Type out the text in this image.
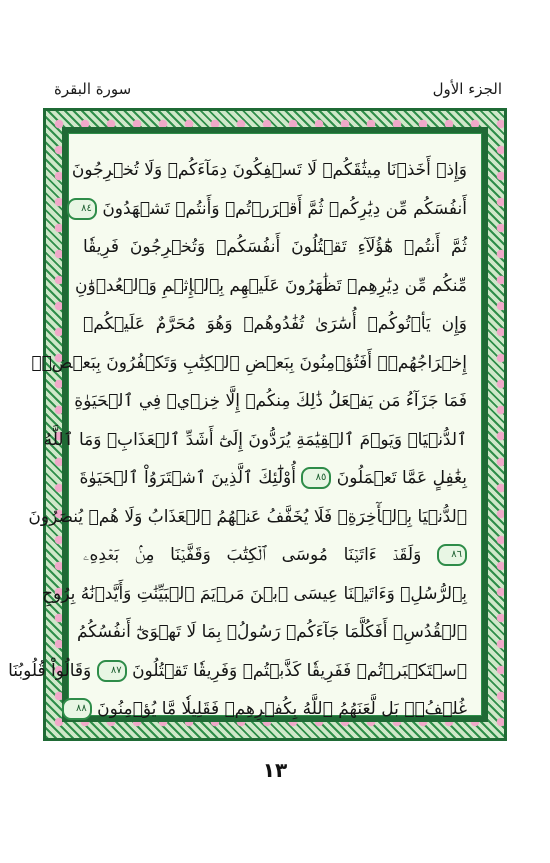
الجزء الأول
سورة البقرة
وَإِذۡ أَخَذۡنَا مِيثَٰقَكُمۡ لَا تَسۡفِكُونَ دِمَآءَكُمۡ وَلَا تُخۡرِجُونَ
أَنفُسَكُم مِّن دِيَٰرِكُمۡ ثُمَّ أَقۡرَرۡتُمۡ وَأَنتُمۡ تَشۡهَدُونَ ٨٤
ثُمَّ أَنتُمۡ هَٰٓؤُلَآءِ تَقۡتُلُونَ أَنفُسَكُمۡ وَتُخۡرِجُونَ فَرِيقٗا
مِّنكُم مِّن دِيَٰرِهِمۡ تَظَٰهَرُونَ عَلَيۡهِم بِٱلۡإِثۡمِ وَٱلۡعُدۡوَٰنِ
وَإِن يَأۡتُوكُمۡ أُسَٰرَىٰ تُفَٰدُوهُمۡ وَهُوَ مُحَرَّمٌ عَلَيۡكُمۡ
إِخۡرَاجُهُمۡۚ أَفَتُؤۡمِنُونَ بِبَعۡضِ ٱلۡكِتَٰبِ وَتَكۡفُرُونَ بِبَعۡضٖۚ
فَمَا جَزَآءُ مَن يَفۡعَلُ ذَٰلِكَ مِنكُمۡ إِلَّا خِزۡيٞ فِي ٱلۡحَيَوٰةِ
ٱلدُّنۡيَاۖ وَيَوۡمَ ٱلۡقِيَٰمَةِ يُرَدُّونَ إِلَىٰٓ أَشَدِّ ٱلۡعَذَابِۗ وَمَا ٱللَّهُ
بِغَٰفِلٍ عَمَّا تَعۡمَلُونَ ٨٥ أُوْلَٰٓئِكَ ٱلَّذِينَ ٱشۡتَرَوُاْ ٱلۡحَيَوٰةَ
ٱلدُّنۡيَا بِٱلۡأٓخِرَةِۖ فَلَا يُخَفَّفُ عَنۡهُمُ ٱلۡعَذَابُ وَلَا هُمۡ يُنصَرُونَ
٨٦ وَلَقَدۡ ءَاتَيۡنَا مُوسَى ٱلۡكِتَٰبَ وَقَفَّيۡنَا مِنۢ بَعۡدِهِۦ
بِٱلرُّسُلِۖ وَءَاتَيۡنَا عِيسَى ٱبۡنَ مَرۡيَمَ ٱلۡبَيِّنَٰتِ وَأَيَّدۡنَٰهُ بِرُوحِ
ٱلۡقُدُسِۗ أَفَكُلَّمَا جَآءَكُمۡ رَسُولُۢ بِمَا لَا تَهۡوَىٰٓ أَنفُسُكُمُ
ٱسۡتَكۡبَرۡتُمۡ فَفَرِيقٗا كَذَّبۡتُمۡ وَفَرِيقٗا تَقۡتُلُونَ ٨٧ وَقَالُواْ قُلُوبُنَا
غُلۡفُۢۚ بَل لَّعَنَهُمُ ٱللَّهُ بِكُفۡرِهِمۡ فَقَلِيلٗا مَّا يُؤۡمِنُونَ ٨٨
١٣
